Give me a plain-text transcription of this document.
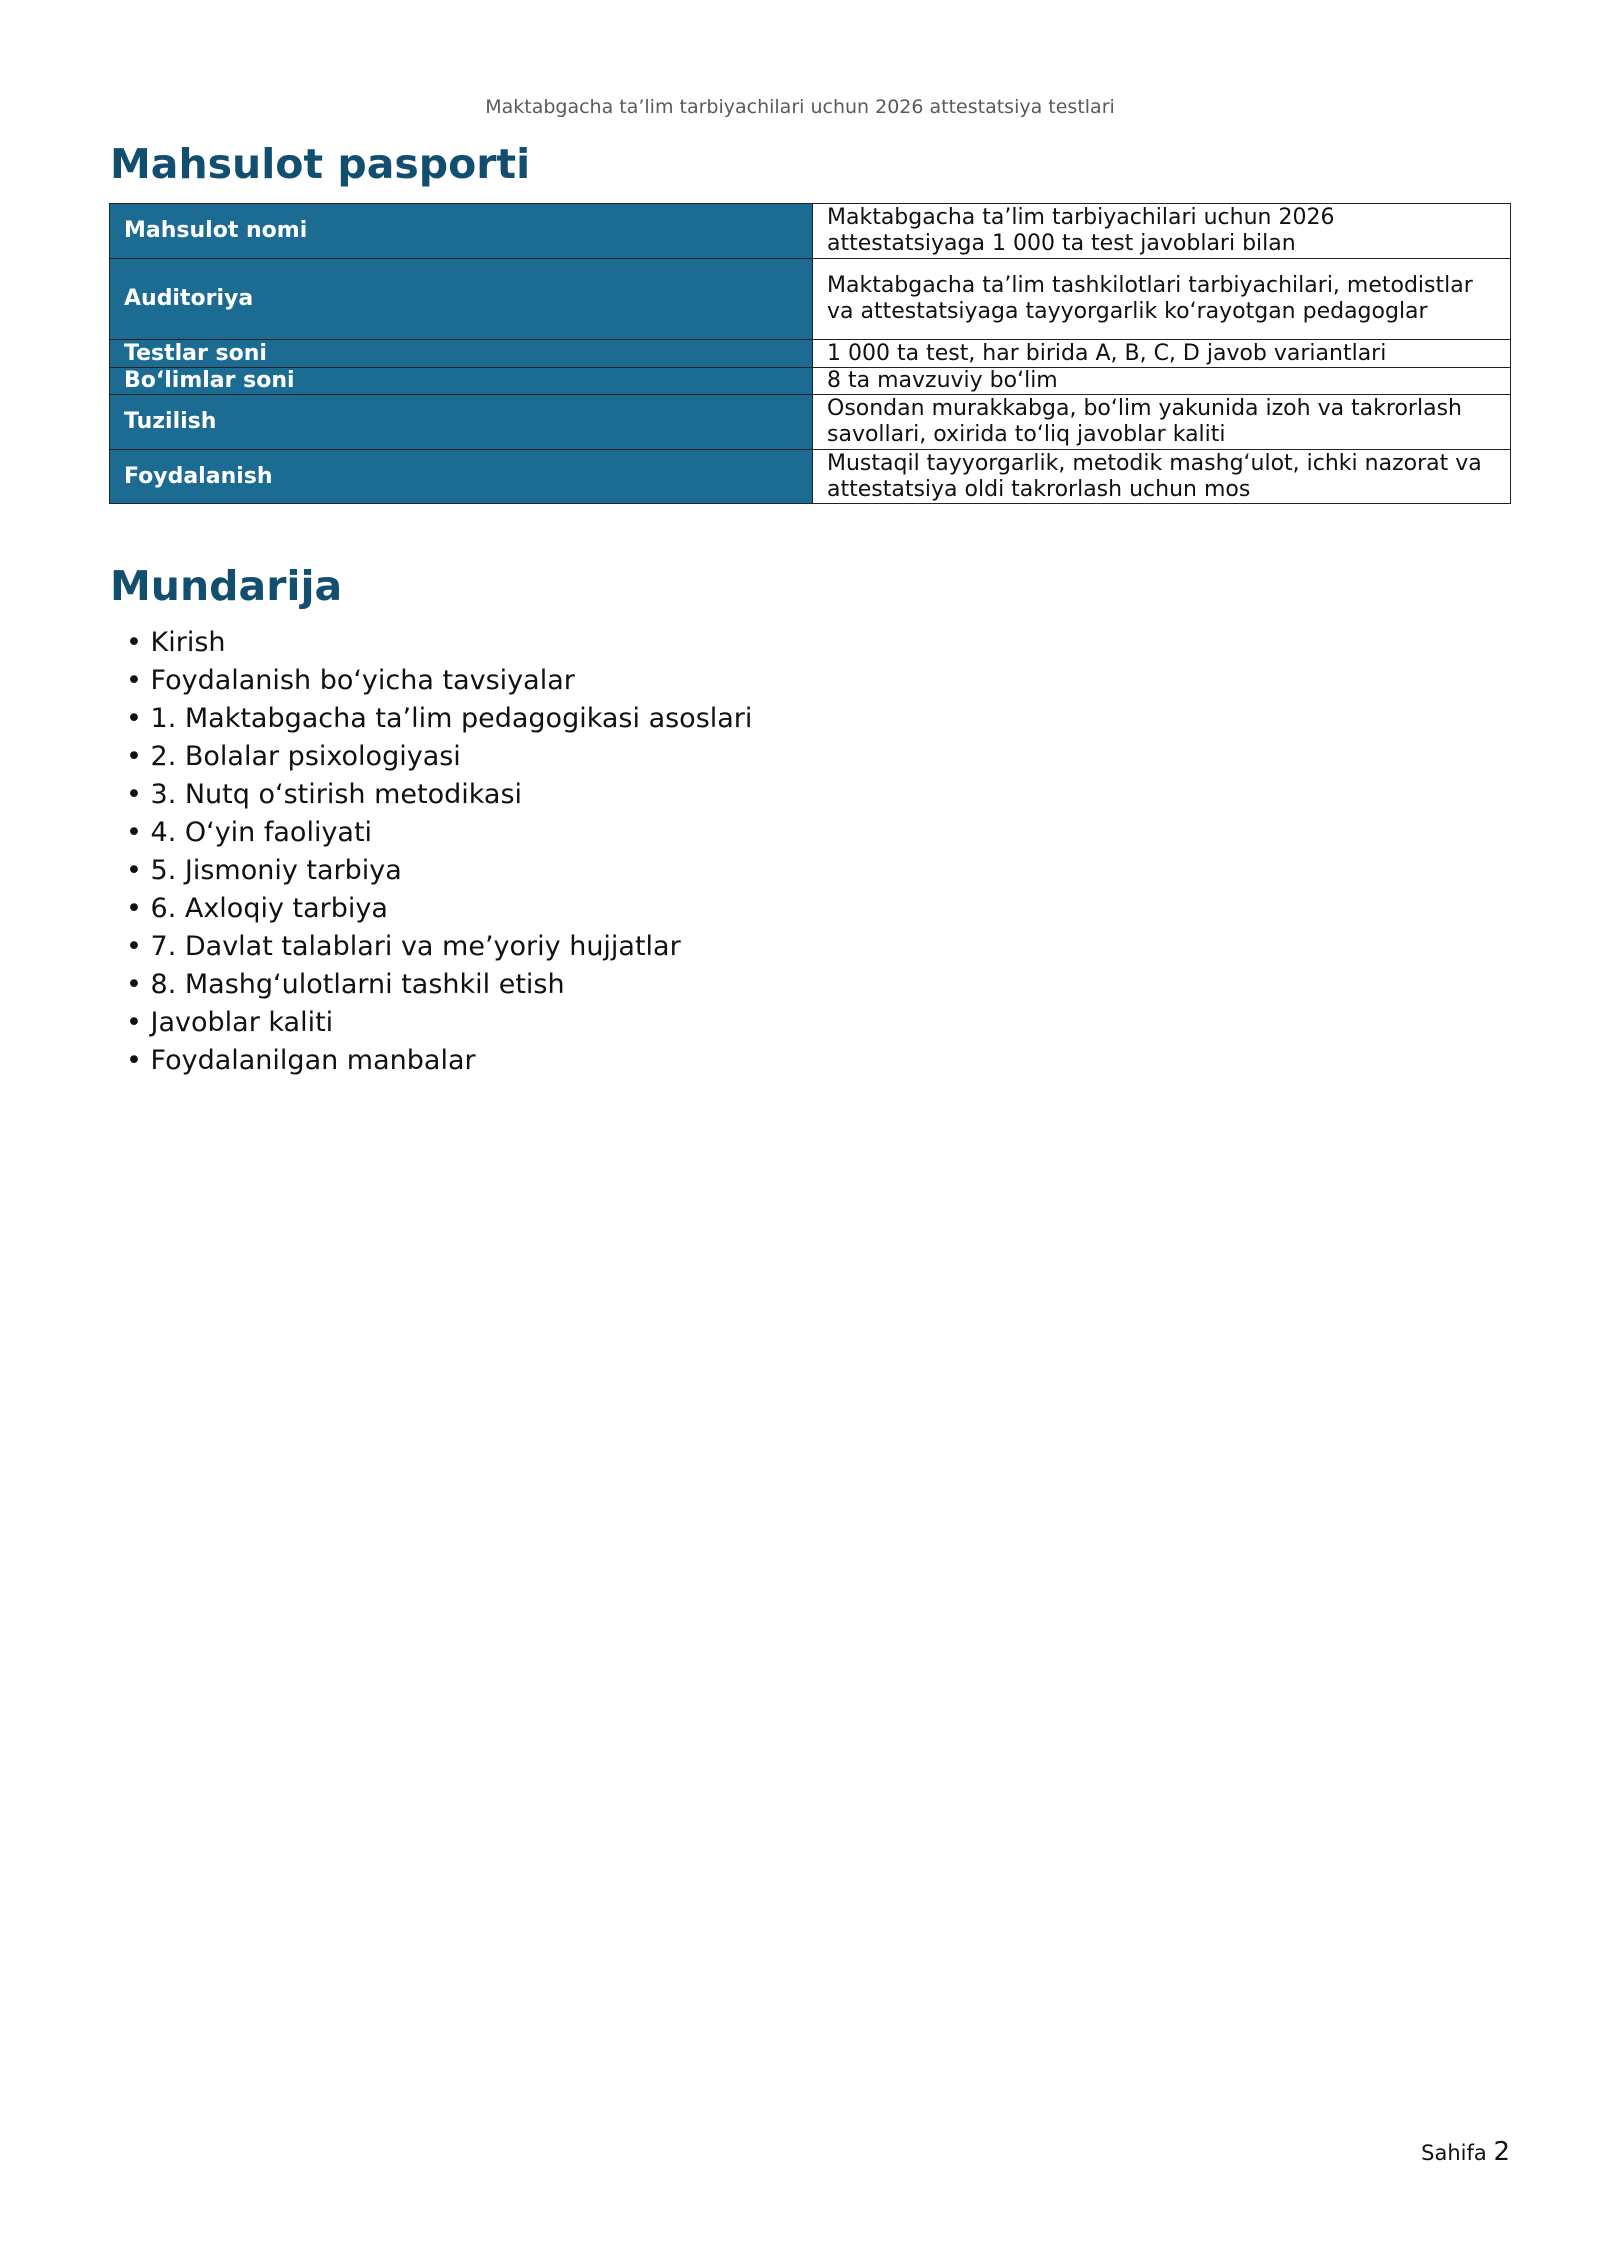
Maktabgacha ta’lim tarbiyachilari uchun 2026 attestatsiya testlari
Mahsulot pasporti
Mahsulot nomi	Maktabgacha ta’lim tarbiyachilari uchun 2026 attestatsiyaga 1 000 ta test javoblari bilan
Auditoriya	Maktabgacha ta’lim tashkilotlari tarbiyachilari, metodistlar va attestatsiyaga tayyorgarlik ko‘rayotgan pedagoglar
Testlar soni	1 000 ta test, har birida A, B, C, D javob variantlari
Bo‘limlar soni	8 ta mavzuviy bo‘lim
Tuzilish	Osondan murakkabga, bo‘lim yakunida izoh va takrorlash savollari, oxirida to‘liq javoblar kaliti
Foydalanish	Mustaqil tayyorgarlik, metodik mashg‘ulot, ichki nazorat va attestatsiya oldi takrorlash uchun mos
Mundarija
• Kirish
• Foydalanish bo‘yicha tavsiyalar
• 1. Maktabgacha ta’lim pedagogikasi asoslari
• 2. Bolalar psixologiyasi
• 3. Nutq o‘stirish metodikasi
• 4. O‘yin faoliyati
• 5. Jismoniy tarbiya
• 6. Axloqiy tarbiya
• 7. Davlat talablari va me’yoriy hujjatlar
• 8. Mashg‘ulotlarni tashkil etish
• Javoblar kaliti
• Foydalanilgan manbalar
Sahifa 2
